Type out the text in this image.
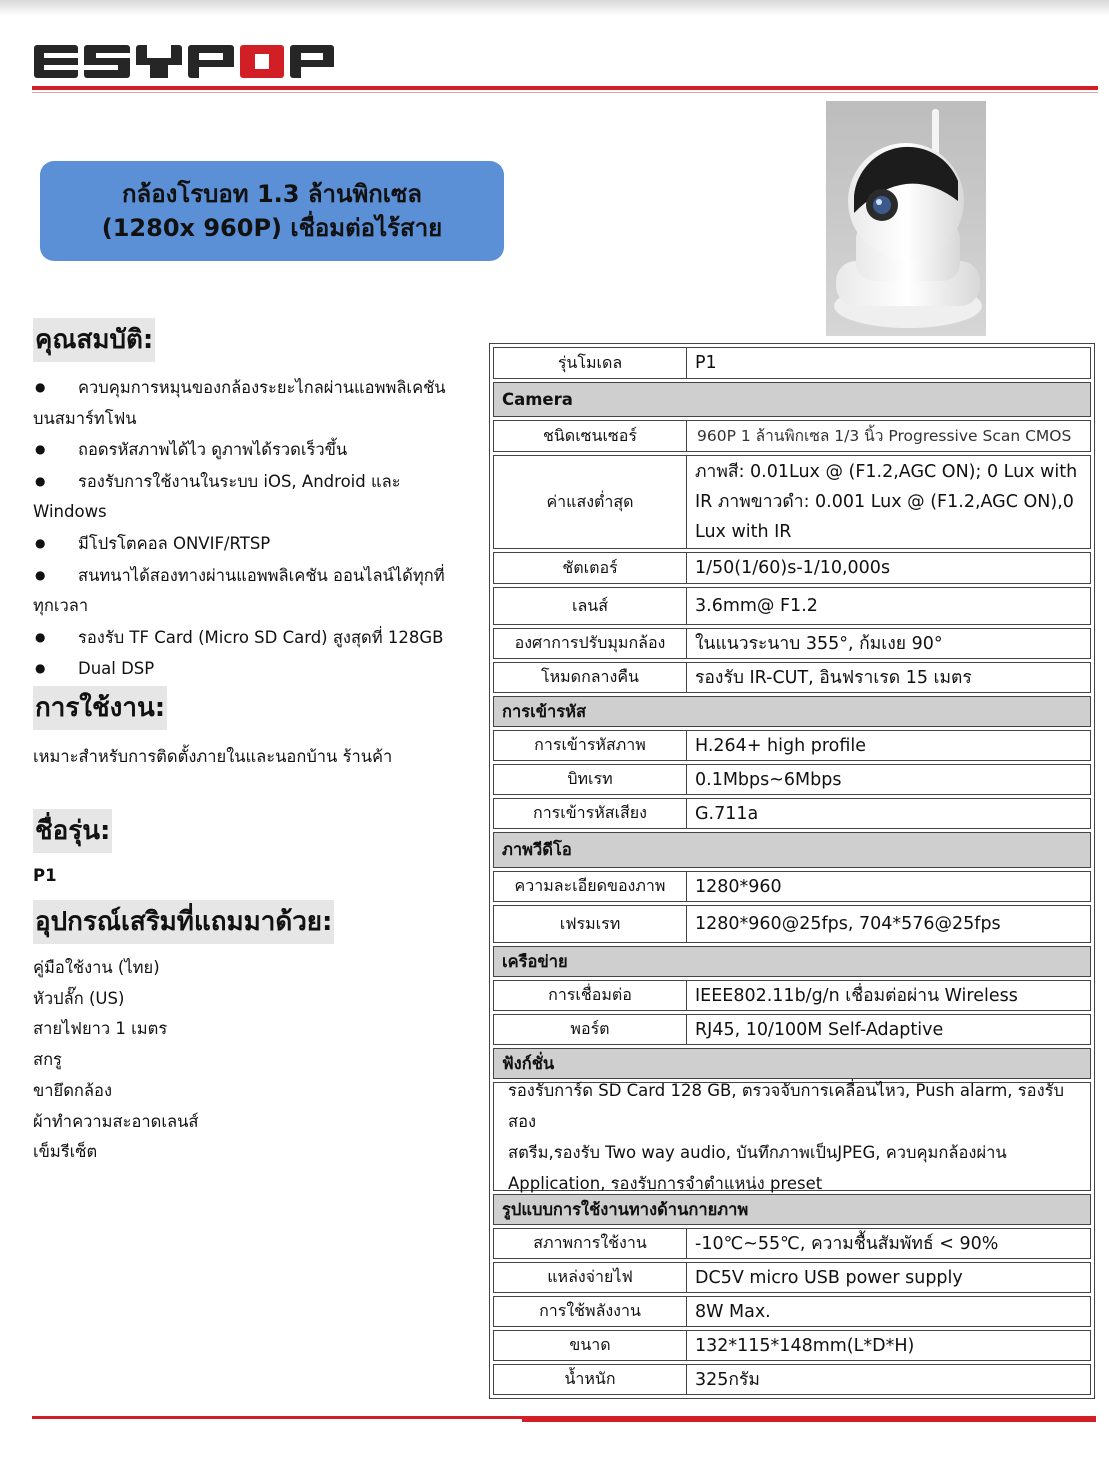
กล้องโรบอท 1.3 ล้านพิกเซล
(1280x 960P) เชื่อมต่อไร้สาย
คุณสมบัติ:
● ควบคุมการหมุนของกล้องระยะไกลผ่านแอพพลิเคชัน
บนสมาร์ทโฟน
● ถอดรหัสภาพได้ไว ดูภาพได้รวดเร็วขึ้น
● รองรับการใช้งานในระบบ iOS, Android และ Windows
● มีโปรโตคอล ONVIF/RTSP
● สนทนาได้สองทางผ่านแอพพลิเคชัน ออนไลน์ได้ทุกที่
ทุกเวลา
● รองรับ TF Card (Micro SD Card) สูงสุดที่ 128GB
● Dual DSP
การใช้งาน:
เหมาะสำหรับการติดตั้งภายในและนอกบ้าน ร้านค้า
ชื่อรุ่น:
P1
อุปกรณ์เสริมที่แถมมาด้วย:
คู่มือใช้งาน (ไทย)
หัวปลั๊ก (US)
สายไฟยาว 1 เมตร
สกรู
ขายึดกล้อง
ผ้าทำความสะอาดเลนส์
เข็มรีเซ็ต
รุ่นโมเดล	P1
Camera
ชนิดเซนเซอร์	960P 1 ล้านพิกเซล 1/3 นิ้ว Progressive Scan CMOS
ค่าแสงต่ำสุด
ภาพสี: 0.01Lux @ (F1.2,AGC ON); 0 Lux with
IR ภาพขาวดำ: 0.001 Lux @ (F1.2,AGC ON),0
Lux with IR
ชัตเตอร์	1/50(1/60)s-1/10,000s
เลนส์	3.6mm@ F1.2
องศาการปรับมุมกล้อง	ในแนวระนาบ 355°, ก้มเงย 90°
โหมดกลางคืน	รองรับ IR-CUT, อินฟราเรด 15 เมตร
การเข้ารหัส
การเข้ารหัสภาพ	H.264+ high profile
บิทเรท	0.1Mbps~6Mbps
การเข้ารหัสเสียง	G.711a
ภาพวีดีโอ
ความละเอียดของภาพ	1280*960
เฟรมเรท	1280*960@25fps, 704*576@25fps
เครือข่าย
การเชื่อมต่อ	IEEE802.11b/g/n เชื่อมต่อผ่าน Wireless
พอร์ต	RJ45, 10/100M Self-Adaptive
ฟังก์ชั่น
รองรับการ์ด SD Card 128 GB, ตรวจจับการเคลื่อนไหว, Push alarm, รองรับสอง
สตรีม,รองรับ Two way audio, บันทึกภาพเป็นJPEG, ควบคุมกล้องผ่าน
Application, รองรับการจำตำแหน่ง preset
รูปแบบการใช้งานทางด้านกายภาพ
สภาพการใช้งาน	-10℃~55℃, ความชื้นสัมพัทธ์ < 90%
แหล่งจ่ายไฟ	DC5V micro USB power supply
การใช้พลังงาน	8W Max.
ขนาด	132*115*148mm(L*D*H)
น้ำหนัก	325กรัม
